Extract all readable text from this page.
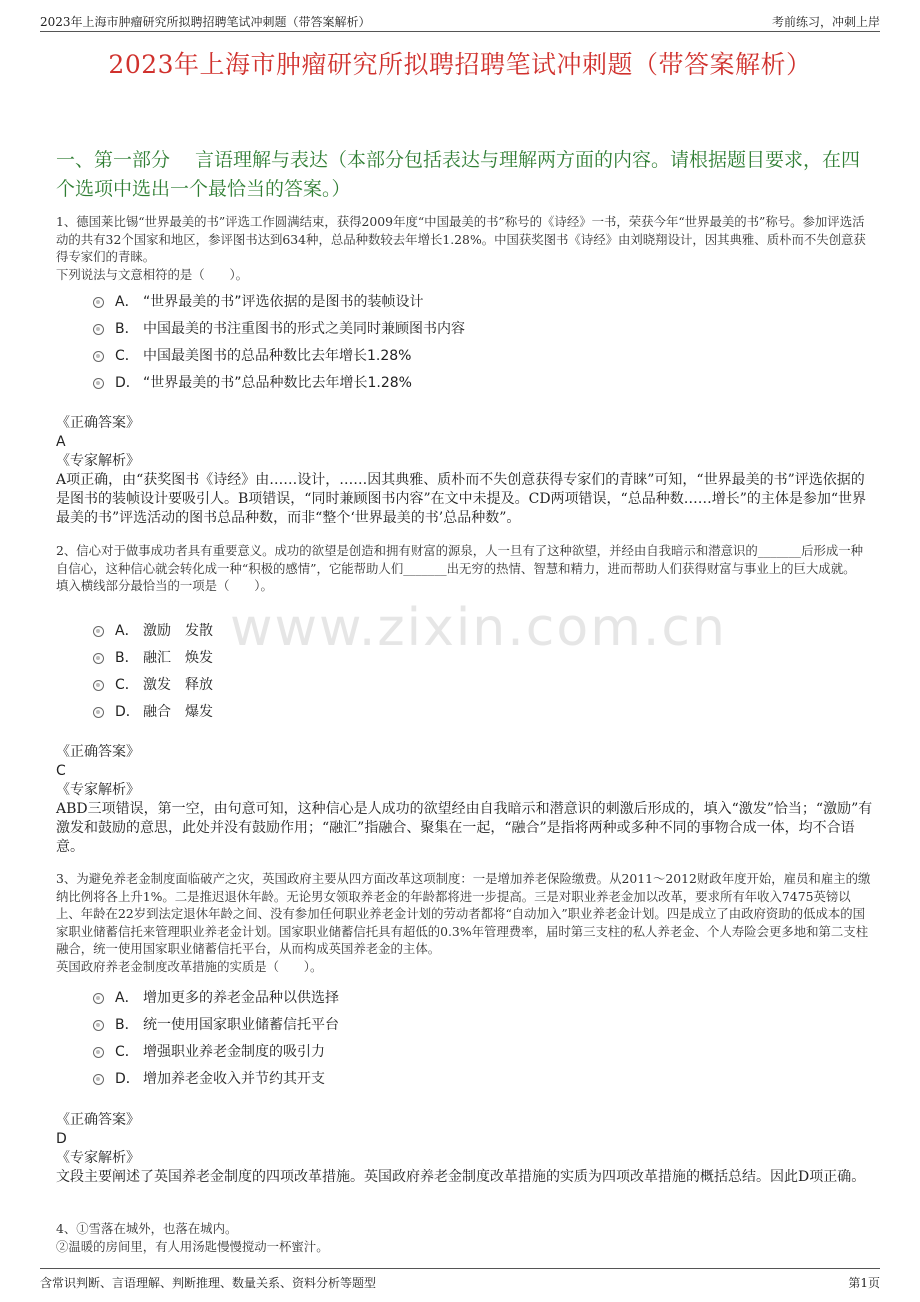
2023年上海市肿瘤研究所拟聘招聘笔试冲刺题（带答案解析）	考前练习，冲刺上岸
2023年上海市肿瘤研究所拟聘招聘笔试冲刺题（带答案解析）
一、第一部分　 言语理解与表达（本部分包括表达与理解两方面的内容。请根据题目要求，在四个选项中选出一个最恰当的答案。）
www.zixin.com.cn

1、德国莱比锡“世界最美的书”评选工作圆满结束，获得2009年度“中国最美的书”称号的《诗经》一书，荣获今年“世界最美的书”称号。参加评选活动的共有32个国家和地区，参评图书达到634种，总品种数较去年增长1.28%。中国获奖图书《诗经》由刘晓翔设计，因其典雅、质朴而不失创意获得专家们的青睐。

下列说法与文意相符的是（　　）。

A． “世界最美的书”评选依据的是图书的装帧设计
B． 中国最美的书注重图书的形式之美同时兼顾图书内容
C． 中国最美图书的总品种数比去年增长1.28%
D． “世界最美的书”总品种数比去年增长1.28%
《正确答案》
A
《专家解析》
A项正确，由“获奖图书《诗经》由……设计，……因其典雅、质朴而不失创意获得专家们的青睐”可知，“世界最美的书”评选依据的是图书的装帧设计要吸引人。B项错误，“同时兼顾图书内容”在文中未提及。CD两项错误，“总品种数……增长”的主体是参加“世界最美的书”评选活动的图书总品种数，而非“整个‘世界最美的书’总品种数”。

2、信心对于做事成功者具有重要意义。成功的欲望是创造和拥有财富的源泉，人一旦有了这种欲望，并经由自我暗示和潜意识的_______后形成一种自信心，这种信心就会转化成一种“积极的感情”，它能帮助人们_______出无穷的热情、智慧和精力，进而帮助人们获得财富与事业上的巨大成就。

填入横线部分最恰当的一项是（　　）。

A． 激励　发散
B． 融汇　焕发
C． 激发　释放
D． 融合　爆发
《正确答案》
C
《专家解析》
ABD三项错误，第一空，由句意可知，这种信心是人成功的欲望经由自我暗示和潜意识的刺激后形成的，填入“激发”恰当；“激励”有激发和鼓励的意思，此处并没有鼓励作用；“融汇”指融合、聚集在一起，“融合”是指将两种或多种不同的事物合成一体，均不合语意。

3、为避免养老金制度面临破产之灾，英国政府主要从四方面改革这项制度：一是增加养老保险缴费。从2011～2012财政年度开始，雇员和雇主的缴纳比例将各上升1%。二是推迟退休年龄。无论男女领取养老金的年龄都将进一步提高。三是对职业养老金加以改革，要求所有年收入7475英镑以上、年龄在22岁到法定退休年龄之间、没有参加任何职业养老金计划的劳动者都将“自动加入”职业养老金计划。四是成立了由政府资助的低成本的国家职业储蓄信托来管理职业养老金计划。国家职业储蓄信托具有超低的0.3%年管理费率，届时第三支柱的私人养老金、个人寿险会更多地和第二支柱融合，统一使用国家职业储蓄信托平台，从而构成英国养老金的主体。

英国政府养老金制度改革措施的实质是（　　）。

A． 增加更多的养老金品种以供选择
B． 统一使用国家职业储蓄信托平台
C． 增强职业养老金制度的吸引力
D． 增加养老金收入并节约其开支
《正确答案》
D
《专家解析》
文段主要阐述了英国养老金制度的四项改革措施。英国政府养老金制度改革措施的实质为四项改革措施的概括总结。因此D项正确。

4、①雪落在城外，也落在城内。

②温暖的房间里，有人用汤匙慢慢搅动一杯蜜汁。

含常识判断、言语理解、判断推理、数量关系、资料分析等题型	第1页
